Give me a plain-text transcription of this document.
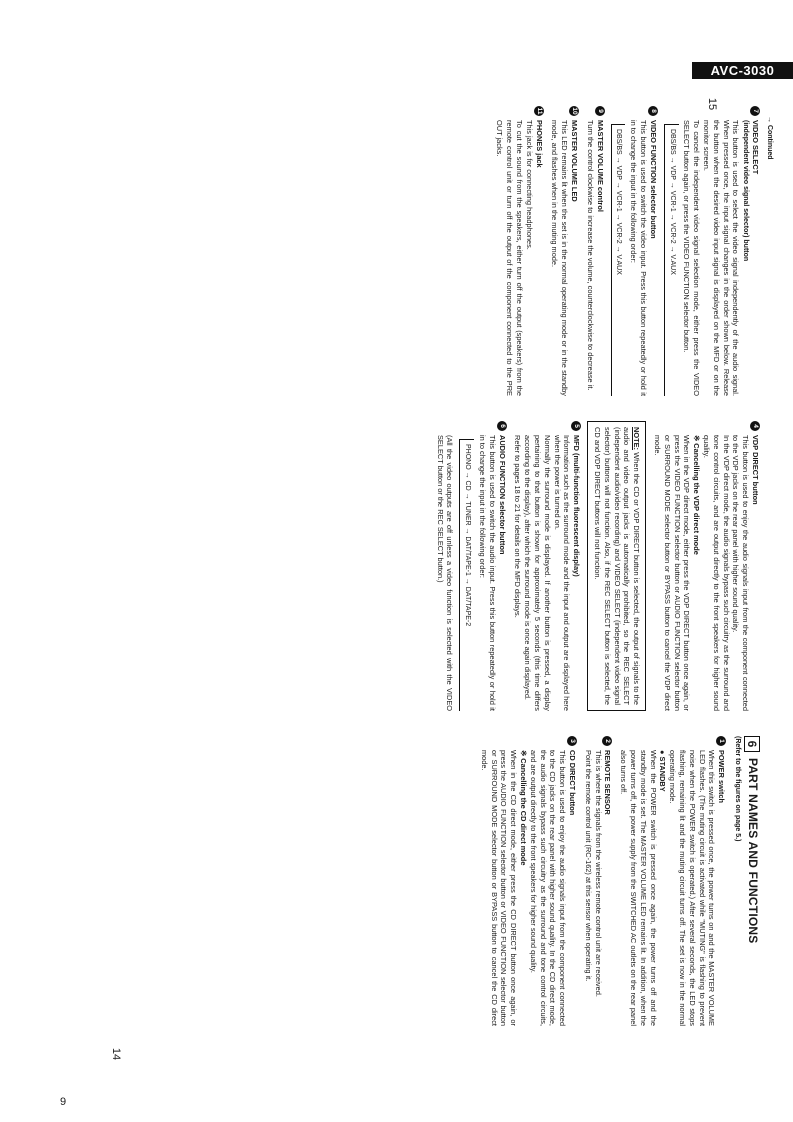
AVC-3030
14
15
9
6
PART NAMES AND FUNCTIONS
(Refer to the figures on page 5.)
1
POWER switch
When this switch is pressed once, the power turns on and the MASTER VOLUME LED flashes. (The muting circuit is activated while "MUTING" is flashing to prevent noise when the POWER switch is operated.) After several seconds, the LED stops flashing, remaining lit and the muting circuit turns off. The set is now in the normal operating mode.
● STANDBY
When the POWER switch is pressed once again, the power turns off and the standby mode is set. The MASTER VOLUME LED remains lit. In addition, when the power turns off, the power supply from the SWITCHED AC outlets on the rear panel also turns off.
2
REMOTE SENSOR
This is where the signals from the wireless remote control unit are received.
Point the remote control unit (RC-162) at this sensor when operating it.
3
CD DIRECT button
This button is used to enjoy the audio signals input from the component connected to the CD jacks on the rear panel with higher sound quality. In the CD direct mode, the audio signals bypass such circuitry as the surround and tone control circuits, and are output directly to the front speakers for higher sound quality.
※ Cancelling the CD direct mode
When in the CD direct mode, either press the CD DIRECT button once again, or press the AUDIO FUNCTION selector button or VIDEO FUNCTION selector button or SURROUND MODE selector button or BYPASS button to cancel the CD direct mode.
4
VDP DIRECT button
This button is used to enjoy the audio signals input from the component connected to the VDP jacks on the rear panel with higher sound quality.
In the VDP direct mode, the audio signals bypass such circuitry as the surround and tone control circuits, and are output directly to the front speakers for higher sound quality.
※ Cancelling the VDP direct mode
When in the VDP direct mode, either press the VDP DIRECT button once again, or press the VIDEO FUNCTION selector button or AUDIO FUNCTION selector button or SURROUND MODE selector button or BYPASS button to cancel the VDP direct mode.
NOTE: When the CD or VDP DIRECT button is selected, the output of signals to the audio and video output jacks is automatically prohibited, so the REC SELECT (independent audio/video recording) and VIDEO SELECT (independent video signal selector) buttons will not function. Also, if the REC SELECT button is selected, the CD and VDP DIRECT buttons will not function.
5
MFD (multi-function fluorescent display)
Information such as the surround mode and the input and output are displayed here when the power is turned on.
Normally the surround mode is displayed. If another button is pressed, a display pertaining to that button is shown for approximately 5 seconds (this time differs according to the display), after which the surround mode is once again displayed.
Refer to pages 18 to 21 for details on the MFD displays.
6
AUDIO FUNCTION selector button
This button is used to switch the audio input. Press this button repeatedly or hold it in to change the input in the following order:
PHONO → CD → TUNER → DAT/TAPE-1 → DAT/TAPE-2
(All the video outputs are off unless a video function is selected with the VIDEO SELECT button or the REC SELECT button.)
→ Continued
7
VIDEO SELECT
(independent video signal selector) button
This button is used to select the video signal independently of the audio signal. When pressed once, the input signal changes in the order shown below. Release the button when the desired video input signal is displayed on the MFD or on the monitor screen.
To cancel the independent video signal selection mode, either press the VIDEO SELECT button again, or press the VIDEO FUNCTION selector button.
DBS/BS → VDP → VCR-1 → VCR-2 → V.AUX
8
VIDEO FUNCTION selector button
This button is used to switch the video input. Press this button repeatedly or hold it in to change the input in the following order:
DBS/BS → VDP → VCR-1 → VCR-2 → V.AUX
9
MASTER VOLUME control
Turn the control clockwise to increase the volume, counterclockwise to decrease it.
10
MASTER VOLUME LED
This LED remains lit when the set is in the normal operating mode or in the standby mode, and flashes when in the muting mode.
11
PHONES jack
This jack is for connecting headphones.
To cut the sound from the speakers, either turn off the output (speakers) from the remote control unit or turn off the output of the component connected to the PRE OUT jacks.
